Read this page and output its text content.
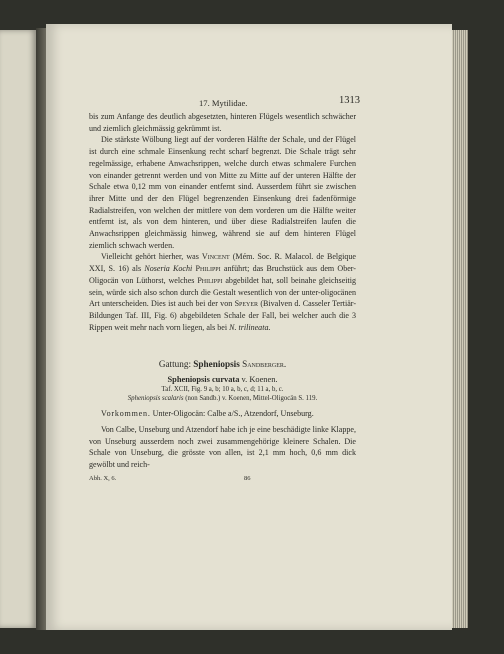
17. Mytilidae.	1313

bis zum Anfange des deutlich abgesetzten, hinteren Flügels wesentlich schwächer und ziemlich gleichmässig gekrümmt ist.

Die stärkste Wölbung liegt auf der vorderen Hälfte der Schale, und der Flügel ist durch eine schmale Einsenkung recht scharf begrenzt. Die Schale trägt sehr regelmässige, erhabene Anwachsrippen, welche durch etwas schmalere Furchen von einander getrennt werden und von Mitte zu Mitte auf der unteren Hälfte der Schale etwa 0,12 mm von einander entfernt sind. Ausserdem führt sie zwischen ihrer Mitte und der den Flügel begrenzenden Einsenkung drei fadenförmige Radialstreifen, von welchen der mittlere von dem vorderen um die Hälfte weiter entfernt ist, als von dem hinteren, und über diese Radialstreifen laufen die Anwachsrippen gleichmässig hinweg, während sie auf dem hinteren Flügel ziemlich schwach werden.

Vielleicht gehört hierher, was Vincent (Mém. Soc. R. Malacol. de Belgique XXI, S. 16) als Noseria Kochi Philippi anführt; das Bruchstück aus dem Ober-Oligocän von Lüthorst, welches Philippi abgebildet hat, soll beinahe gleichseitig sein, würde sich also schon durch die Gestalt wesentlich von der unter-oligocänen Art unterscheiden. Dies ist auch bei der von Speyer (Bivalven d. Casseler Tertiär-Bildungen Taf. III, Fig. 6) abgebildeten Schale der Fall, bei welcher auch die 3 Rippen weit mehr nach vorn liegen, als bei N. trilineata.

Gattung: Spheniopsis Sandberger.
Spheniopsis curvata v. Koenen.
Taf. XCII, Fig. 9 a, b; 10 a, b, c, d; 11 a, b, c.
Spheniopsis scalaris (non Sandb.) v. Koenen, Mittel-Oligocän S. 119.
Vorkommen. Unter-Oligocän: Calbe a/S., Atzendorf, Unseburg.

Von Calbe, Unseburg und Atzendorf habe ich je eine beschädigte linke Klappe, von Unseburg ausserdem noch zwei zusammengehörige kleinere Schalen. Die Schale von Unseburg, die grösste von allen, ist 2,1 mm hoch, 0,6 mm dick gewölbt und reich-

Abh. X, 6.	86
